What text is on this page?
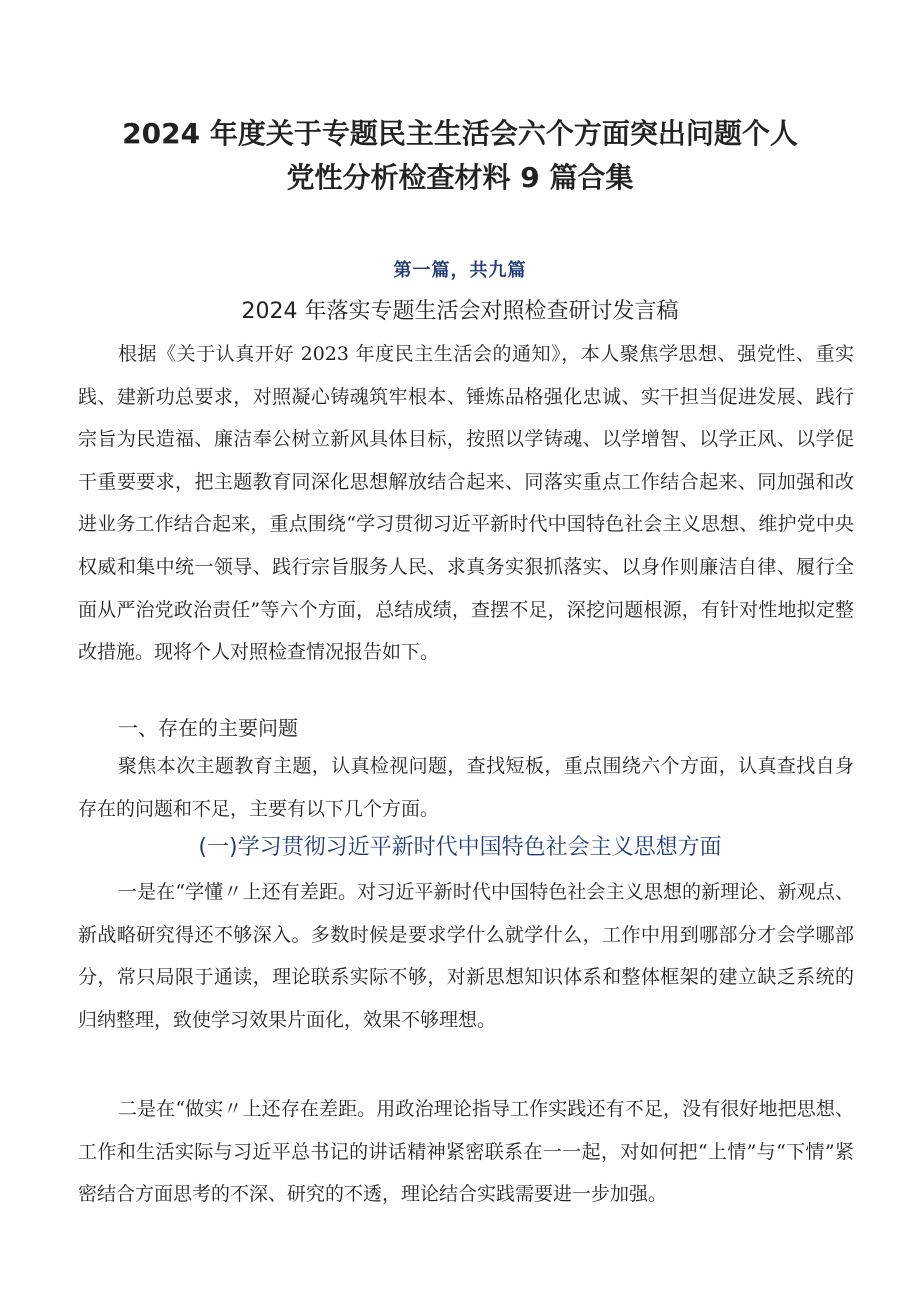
2024 年度关于专题民主生活会六个方面突出问题个人
党性分析检查材料 9 篇合集
第一篇，共九篇
2024 年落实专题生活会对照检查研讨发言稿

根据《关于认真开好 2023 年度民主生活会的通知》，本人聚焦学思想、强党性、重实践、建新功总要求，对照凝心铸魂筑牢根本、锤炼品格强化忠诚、实干担当促进发展、践行宗旨为民造福、廉洁奉公树立新风具体目标，按照以学铸魂、以学增智、以学正风、以学促干重要要求，把主题教育同深化思想解放结合起来、同落实重点工作结合起来、同加强和改进业务工作结合起来，重点围绕“学习贯彻习近平新时代中国特色社会主义思想、维护党中央权威和集中统一领导、践行宗旨服务人民、求真务实狠抓落实、以身作则廉洁自律、履行全面从严治党政治责任”等六个方面，总结成绩，查摆不足，深挖问题根源，有针对性地拟定整改措施。现将个人对照检查情况报告如下。

一、存在的主要问题

聚焦本次主题教育主题，认真检视问题，查找短板，重点围绕六个方面，认真查找自身存在的问题和不足，主要有以下几个方面。

(一)学习贯彻习近平新时代中国特色社会主义思想方面

一是在“学懂〃上还有差距。对习近平新时代中国特色社会主义思想的新理论、新观点、新战略研究得还不够深入。多数时候是要求学什么就学什么，工作中用到哪部分才会学哪部分，常只局限于通读，理论联系实际不够，对新思想知识体系和整体框架的建立缺乏系统的归纳整理，致使学习效果片面化，效果不够理想。

二是在“做实〃上还存在差距。用政治理论指导工作实践还有不足，没有很好地把思想、工作和生活实际与习近平总书记的讲话精神紧密联系在一一起，对如何把“上情”与“下情”紧密结合方面思考的不深、研究的不透，理论结合实践需要进一步加强。
